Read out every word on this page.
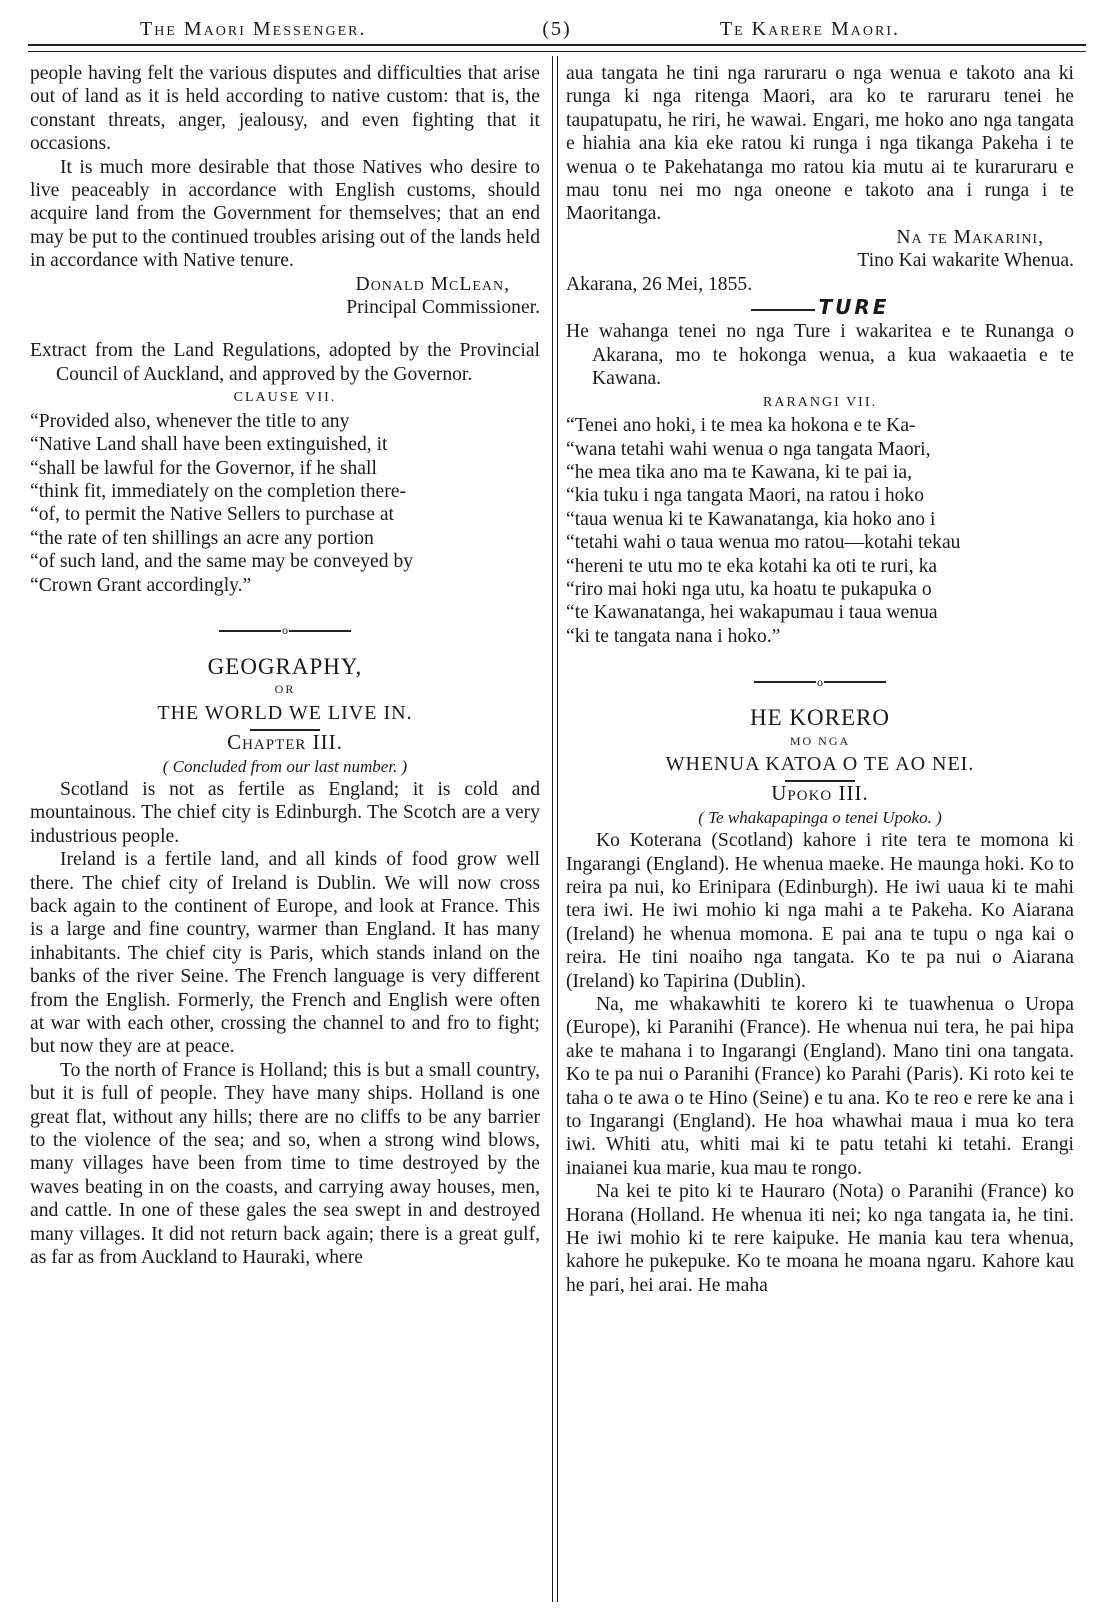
The Maori Messenger.	(5)	Te Karere Maori.

people having felt the various disputes and difficulties that arise out of land as it is held according to native custom: that is, the constant threats, anger, jealousy, and even fighting that it occasions.

It is much more desirable that those Natives who desire to live peaceably in accordance with English customs, should acquire land from the Government for themselves; that an end may be put to the continued troubles arising out of the lands held in accordance with Native tenure.

Donald McLean,

Principal Commissioner.

Extract from the Land Regulations, adopted by the Provincial Council of Auckland, and approved by the Governor.

CLAUSE VII.

“Provided also, whenever the title to any

“Native Land shall have been extinguished, it

“shall be lawful for the Governor, if he shall

“think fit, immediately on the completion there-

“of, to permit the Native Sellers to purchase at

“the rate of ten shillings an acre any portion

“of such land, and the same may be conveyed by

“Crown Grant accordingly.”

o

GEOGRAPHY,

OR

THE WORLD WE LIVE IN.

Chapter III.

( Concluded from our last number. )

Scotland is not as fertile as England; it is cold and mountainous. The chief city is Edinburgh. The Scotch are a very industrious people.

Ireland is a fertile land, and all kinds of food grow well there. The chief city of Ireland is Dublin. We will now cross back again to the continent of Europe, and look at France. This is a large and fine country, warmer than England. It has many inhabitants. The chief city is Paris, which stands inland on the banks of the river Seine. The French language is very different from the English. Formerly, the French and English were often at war with each other, crossing the channel to and fro to fight; but now they are at peace.

To the north of France is Holland; this is but a small country, but it is full of people. They have many ships. Holland is one great flat, without any hills; there are no cliffs to be any barrier to the violence of the sea; and so, when a strong wind blows, many villages have been from time to time destroyed by the waves beating in on the coasts, and carrying away houses, men, and cattle. In one of these gales the sea swept in and destroyed many villages. It did not return back again; there is a great gulf, as far as from Auckland to Hauraki, where

aua tangata he tini nga raruraru o nga wenua e takoto ana ki runga ki nga ritenga Maori, ara ko te raruraru tenei he taupatupatu, he riri, he wawai. Engari, me hoko ano nga tangata e hiahia ana kia eke ratou ki runga i nga tikanga Pakeha i te wenua o te Pakehatanga mo ratou kia mutu ai te kuraruraru e mau tonu nei mo nga oneone e takoto ana i runga i te Maoritanga.

Na te Makarini,

Tino Kai wakarite Whenua.

Akarana, 26 Mei, 1855.

TURE

He wahanga tenei no nga Ture i wakaritea e te Runanga o Akarana, mo te hokonga wenua, a kua wakaaetia e te Kawana.

RARANGI VII.

“Tenei ano hoki, i te mea ka hokona e te Ka-

“wana tetahi wahi wenua o nga tangata Maori,

“he mea tika ano ma te Kawana, ki te pai ia,

“kia tuku i nga tangata Maori, na ratou i hoko

“taua wenua ki te Kawanatanga, kia hoko ano i

“tetahi wahi o taua wenua mo ratou—kotahi tekau

“hereni te utu mo te eka kotahi ka oti te ruri, ka

“riro mai hoki nga utu, ka hoatu te pukapuka o

“te Kawanatanga, hei wakapumau i taua wenua

“ki te tangata nana i hoko.”

o

HE KORERO

MO NGA

WHENUA KATOA O TE AO NEI.

Upoko III.

( Te whakapapinga o tenei Upoko. )

Ko Koterana (Scotland) kahore i rite tera te momona ki Ingarangi (England). He whenua maeke. He maunga hoki. Ko to reira pa nui, ko Erinipara (Edinburgh). He iwi uaua ki te mahi tera iwi. He iwi mohio ki nga mahi a te Pakeha. Ko Aiarana (Ireland) he whenua momona. E pai ana te tupu o nga kai o reira. He tini noaiho nga tangata. Ko te pa nui o Aiarana (Ireland) ko Tapirina (Dublin).

Na, me whakawhiti te korero ki te tuawhenua o Uropa (Europe), ki Paranihi (France). He whenua nui tera, he pai hipa ake te mahana i to Ingarangi (England). Mano tini ona tangata. Ko te pa nui o Paranihi (France) ko Parahi (Paris). Ki roto kei te taha o te awa o te Hino (Seine) e tu ana. Ko te reo e rere ke ana i to Ingarangi (England). He hoa whawhai maua i mua ko tera iwi. Whiti atu, whiti mai ki te patu tetahi ki tetahi. Erangi inaianei kua marie, kua mau te rongo.

Na kei te pito ki te Hauraro (Nota) o Paranihi (France) ko Horana (Holland. He whenua iti nei; ko nga tangata ia, he tini. He iwi mohio ki te rere kaipuke. He mania kau tera whenua, kahore he pukepuke. Ko te moana he moana ngaru. Kahore kau he pari, hei arai. He maha
